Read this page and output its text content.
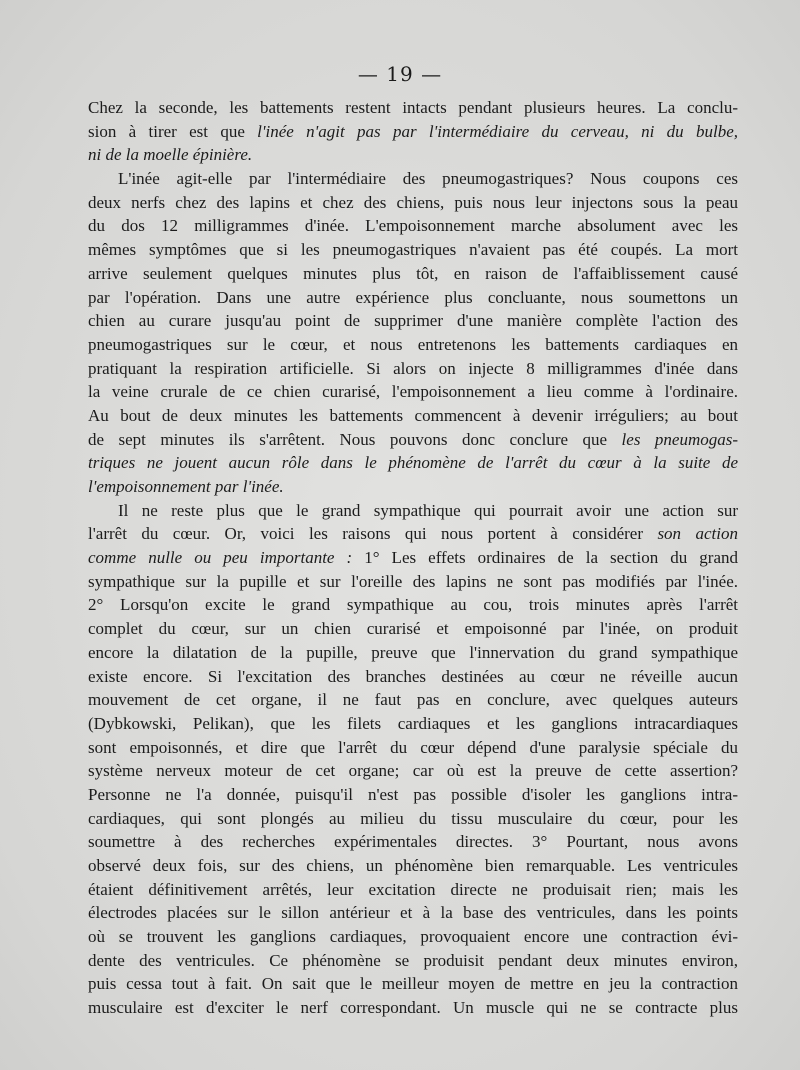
— 19 —
Chez la seconde, les battements restent intacts pendant plusieurs heures. La conclu-
sion à tirer est que l'inée n'agit pas par l'intermédiaire du cerveau, ni du bulbe,
ni de la moelle épinière.
L'inée agit-elle par l'intermédiaire des pneumogastriques? Nous coupons ces
deux nerfs chez des lapins et chez des chiens, puis nous leur injectons sous la peau
du dos 12 milligrammes d'inée. L'empoisonnement marche absolument avec les
mêmes symptômes que si les pneumogastriques n'avaient pas été coupés. La mort
arrive seulement quelques minutes plus tôt, en raison de l'affaiblissement causé
par l'opération. Dans une autre expérience plus concluante, nous soumettons un
chien au curare jusqu'au point de supprimer d'une manière complète l'action des
pneumogastriques sur le cœur, et nous entretenons les battements cardiaques en
pratiquant la respiration artificielle. Si alors on injecte 8 milligrammes d'inée dans
la veine crurale de ce chien curarisé, l'empoisonnement a lieu comme à l'ordinaire.
Au bout de deux minutes les battements commencent à devenir irréguliers; au bout
de sept minutes ils s'arrêtent. Nous pouvons donc conclure que les pneumogas-
triques ne jouent aucun rôle dans le phénomène de l'arrêt du cœur à la suite de
l'empoisonnement par l'inée.
Il ne reste plus que le grand sympathique qui pourrait avoir une action sur
l'arrêt du cœur. Or, voici les raisons qui nous portent à considérer son action
comme nulle ou peu importante : 1° Les effets ordinaires de la section du grand
sympathique sur la pupille et sur l'oreille des lapins ne sont pas modifiés par l'inée.
2° Lorsqu'on excite le grand sympathique au cou, trois minutes après l'arrêt
complet du cœur, sur un chien curarisé et empoisonné par l'inée, on produit
encore la dilatation de la pupille, preuve que l'innervation du grand sympathique
existe encore. Si l'excitation des branches destinées au cœur ne réveille aucun
mouvement de cet organe, il ne faut pas en conclure, avec quelques auteurs
(Dybkowski, Pelikan), que les filets cardiaques et les ganglions intracardiaques
sont empoisonnés, et dire que l'arrêt du cœur dépend d'une paralysie spéciale du
système nerveux moteur de cet organe; car où est la preuve de cette assertion?
Personne ne l'a donnée, puisqu'il n'est pas possible d'isoler les ganglions intra-
cardiaques, qui sont plongés au milieu du tissu musculaire du cœur, pour les
soumettre à des recherches expérimentales directes. 3° Pourtant, nous avons
observé deux fois, sur des chiens, un phénomène bien remarquable. Les ventricules
étaient définitivement arrêtés, leur excitation directe ne produisait rien; mais les
électrodes placées sur le sillon antérieur et à la base des ventricules, dans les points
où se trouvent les ganglions cardiaques, provoquaient encore une contraction évi-
dente des ventricules. Ce phénomène se produisit pendant deux minutes environ,
puis cessa tout à fait. On sait que le meilleur moyen de mettre en jeu la contraction
musculaire est d'exciter le nerf correspondant. Un muscle qui ne se contracte plus
